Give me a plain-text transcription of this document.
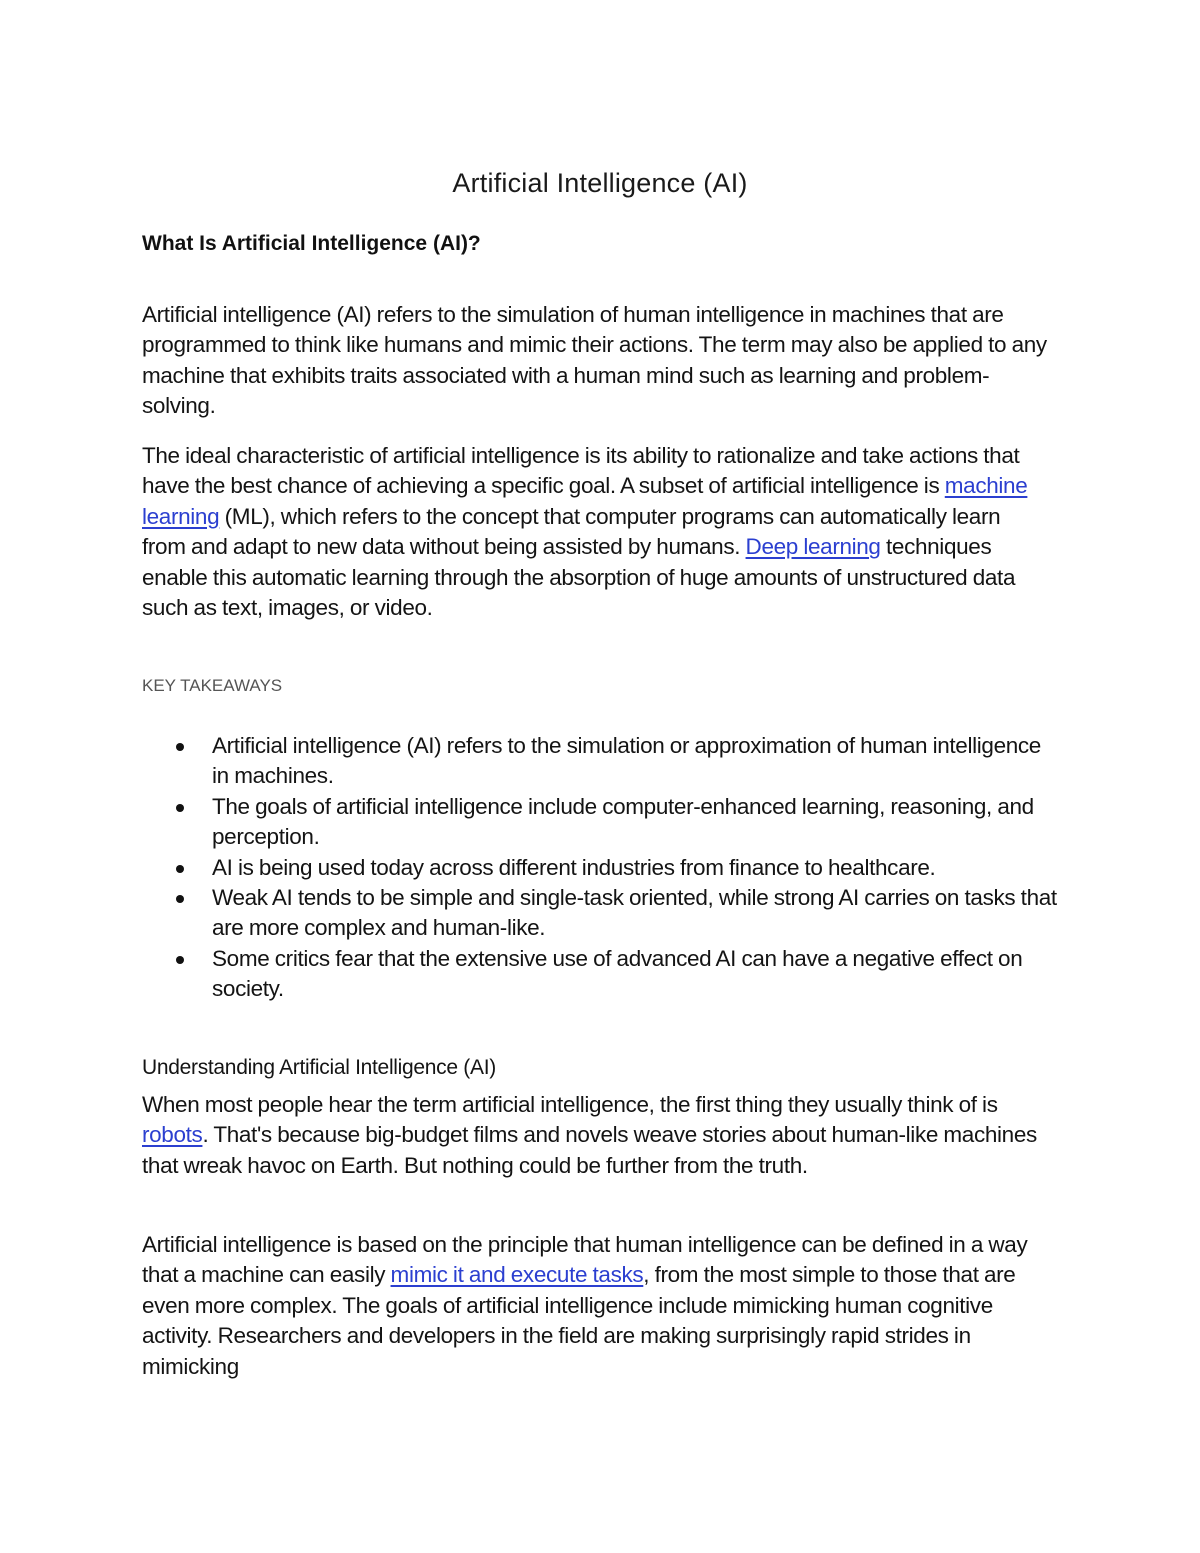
Artificial Intelligence (AI)
What Is Artificial Intelligence (AI)?

Artificial intelligence (AI) refers to the simulation of human intelligence in machines that are programmed to think like humans and mimic their actions. The term may also be applied to any machine that exhibits traits associated with a human mind such as learning and problem-solving.

The ideal characteristic of artificial intelligence is its ability to rationalize and take actions that have the best chance of achieving a specific goal. A subset of artificial intelligence is machine learning (ML), which refers to the concept that computer programs can automatically learn from and adapt to new data without being assisted by humans. Deep learning techniques enable this automatic learning through the absorption of huge amounts of unstructured data such as text, images, or video.

KEY TAKEAWAYS
Artificial intelligence (AI) refers to the simulation or approximation of human intelligence in machines.
The goals of artificial intelligence include computer-enhanced learning, reasoning, and perception.
AI is being used today across different industries from finance to healthcare.
Weak AI tends to be simple and single-task oriented, while strong AI carries on tasks that are more complex and human-like.
Some critics fear that the extensive use of advanced AI can have a negative effect on society.
Understanding Artificial Intelligence (AI)

When most people hear the term artificial intelligence, the first thing they usually think of is robots. That's because big-budget films and novels weave stories about human-like machines that wreak havoc on Earth. But nothing could be further from the truth.

Artificial intelligence is based on the principle that human intelligence can be defined in a way that a machine can easily mimic it and execute tasks, from the most simple to those that are even more complex. The goals of artificial intelligence include mimicking human cognitive activity. Researchers and developers in the field are making surprisingly rapid strides in mimicking
